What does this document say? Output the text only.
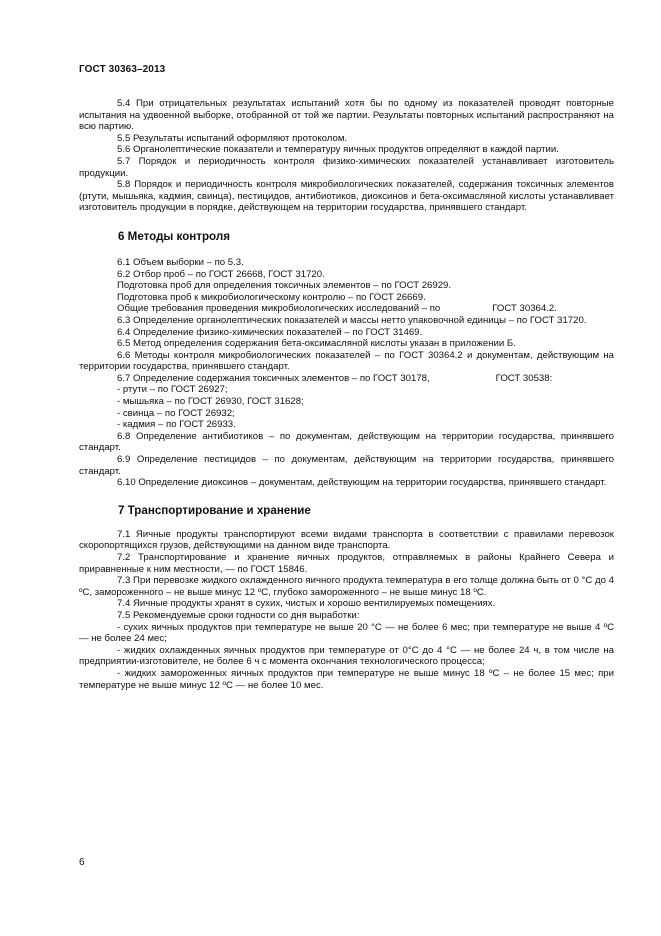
ГОСТ 30363–2013

5.4 При отрицательных результатах испытаний хотя бы по одному из показателей проводят повторные испытания на удвоенной выборке, отобранной от той же партии. Результаты повторных испытаний распространяют на всю партию.

5.5 Результаты испытаний оформляют протоколом.

5.6 Органолептические показатели и температуру яичных продуктов определяют в каждой партии.

5.7 Порядок и периодичность контроля физико-химических показателей устанавливает изготовитель продукции.

5.8 Порядок и периодичность контроля микробиологических показателей, содержания токсичных элементов (ртути, мышьяка, кадмия, свинца), пестицидов, антибиотиков, диоксинов и бета-оксимасляной кислоты устанавливает изготовитель продукции в порядке, действующем на территории государства, принявшего стандарт.

6 Методы контроля

6.1 Объем выборки – по 5.3.

6.2 Отбор проб – по ГОСТ 26668, ГОСТ 31720.

Подготовка проб для определения токсичных элементов – по ГОСТ 26929.

Подготовка проб к микробиологическому контролю – по ГОСТ 26669.

Общие требования проведения микробиологических исследований – по	ГОСТ 30364.2.

6.3 Определение органолептических показателей и массы нетто упаковочной единицы – по ГОСТ 31720.

6.4 Определение физико-химических показателей – по ГОСТ 31469.

6.5 Метод определения содержания бета-оксимасляной кислоты указан в приложении Б.

6.6 Методы контроля микробиологических показателей – по ГОСТ 30364.2 и документам, действующим на территории государства, принявшего стандарт.

6.7 Определение содержания токсичных элементов – по ГОСТ 30178,	ГОСТ 30538:

- ртути – по ГОСТ 26927;

- мышьяка – по ГОСТ 26930, ГОСТ 31628;

- свинца – по ГОСТ 26932;

- кадмия – по ГОСТ 26933.

6.8 Определение антибиотиков – по документам, действующим на территории государства, принявшего стандарт.

6.9 Определение пестицидов – по документам, действующим на территории государства, принявшего стандарт.

6.10 Определение диоксинов – документам, действующим на территории государства, принявшего стандарт.

7 Транспортирование и хранение

7.1 Яичные продукты транспортируют всеми видами транспорта в соответствии с правилами перевозок скоропортящихся грузов, действующими на данном виде транспорта.

7.2 Транспортирование и хранение яичных продуктов, отправляемых в районы Крайнего Севера и приравненные к ним местности, — по ГОСТ 15846.

7.3 При перевозке жидкого охлажденного яичного продукта температура в его толще должна быть от 0 °С до 4 ºС, замороженного – не выше минус 12 ºС, глубоко замороженного – не выше минус 18 ºС.

7.4 Яичные продукты хранят в сухих, чистых и хорошо вентилируемых помещениях.

7.5 Рекомендуемые сроки годности со дня выработки:

- сухих яичных продуктов при температуре не выше 20 °С — не более 6 мес; при температуре не выше 4 ºС — не более 24 мес;

- жидких охлажденных яичных продуктов при температуре от 0°С до 4 °С — не более 24 ч, в том числе на предприятии-изготовителе, не более 6 ч с момента окончания технологического процесса;

- жидких замороженных яичных продуктов при температуре не выше минус 18 ºС – не более 15 мес; при температуре не выше минус 12 ºС — не более 10 мес.

6
